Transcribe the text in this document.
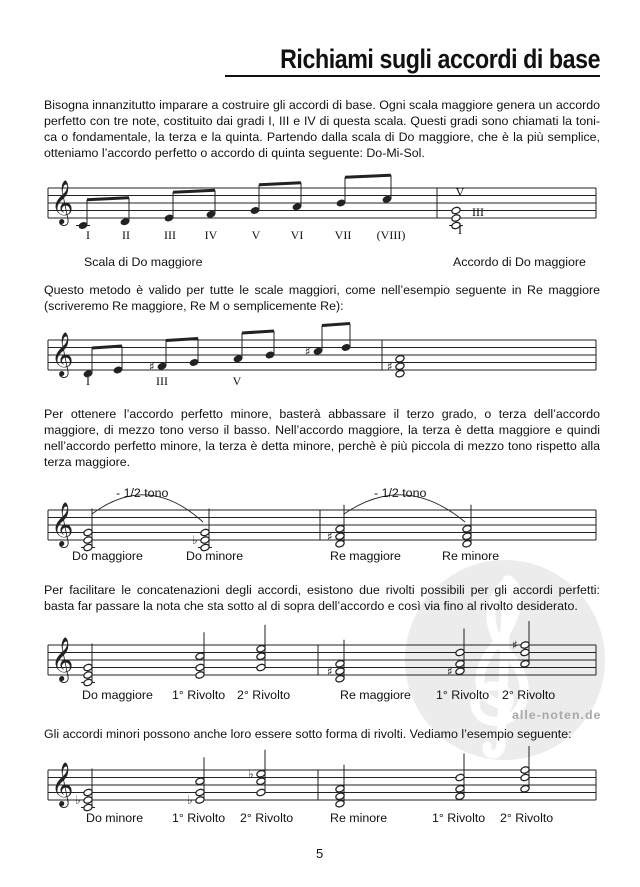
Richiami sugli accordi di base
alle-noten.de
𝄞
𝄞	♯
♯
♯
𝄞	♭	♯
𝄞	♯	♯
♯
𝄞 ♭	♭
♭
Bisogna innanzitutto imparare a costruire gli accordi di base. Ogni scala maggiore genera un accordo perfetto con tre note, costituito dai gradi I, III e IV di questa scala. Questi gradi sono chiamati la toni-ca o fondamentale, la terza e la quinta. Partendo dalla scala di Do maggiore, che è la più semplice, otteniamo l’accordo perfetto o accordo di quinta seguente: Do-Mi-Sol.
I	II	III IV	V	VI	VII (VIII)
V
III
I
Scala di Do maggiore	Accordo di Do maggiore
Questo metodo è valido per tutte le scale maggiori, come nell’esempio seguente in Re maggiore (scriveremo Re maggiore, Re M o semplicemente Re):
I	III	V
Per ottenere l’accordo perfetto minore, basterà abbassare il terzo grado, o terza dell’accordo maggiore, di mezzo tono verso il basso. Nell’accordo maggiore, la terza è detta maggiore e quindi nell’accordo perfetto minore, la terza è detta minore, perchè è più piccola di mezzo tono rispetto alla terza maggiore.
- 1/2 tono	- 1/2 tono
Do maggiore	Do minore	Re maggiore	Re minore
Per facilitare le concatenazioni degli accordi, esistono due rivolti possibili per gli accordi perfetti: basta far passare la nota che sta sotto al di sopra dell’accordo e così via fino al rivolto desiderato.
Do maggiore 1° Rivolto 2° Rivolto	Re maggiore 1° Rivolto 2° Rivolto
Gli accordi minori possono anche loro essere sotto forma di rivolti. Vediamo l’esempio seguente:
Do minore 1° Rivolto 2° Rivolto	Re minore	1° Rivolto 2° Rivolto
5
